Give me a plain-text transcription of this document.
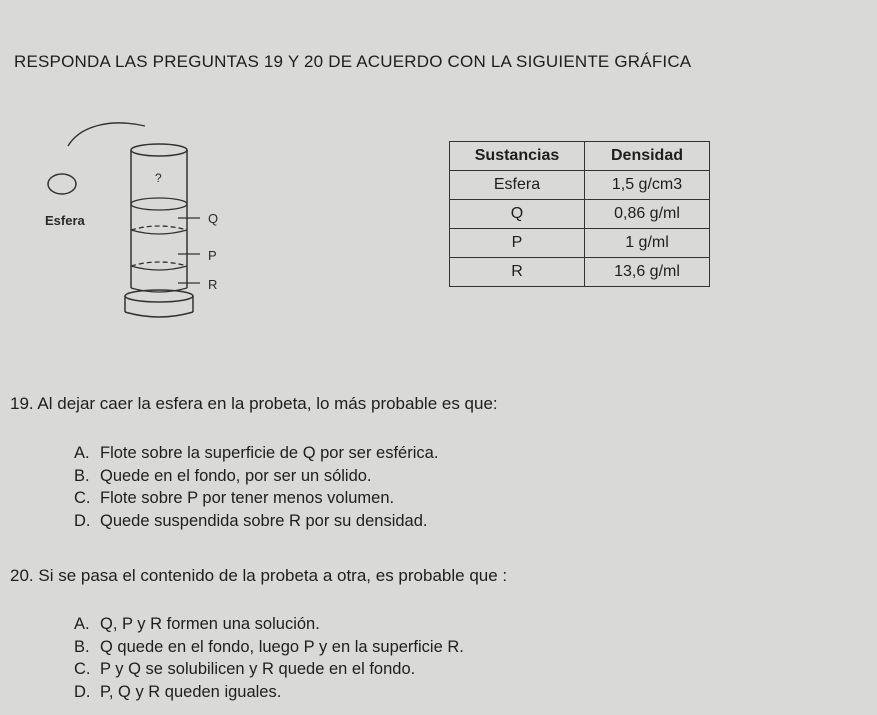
RESPONDA LAS PREGUNTAS 19 Y 20 DE ACUERDO CON LA SIGUIENTE GRÁFICA
Esfera
?
Q
P
R
Sustancias	Densidad
Esfera	1,5 g/cm3
Q	0,86 g/ml
P	1 g/ml
R	13,6 g/ml
19. Al dejar caer la esfera en la probeta, lo más probable es que:
A. Flote sobre la superficie de Q por ser esférica.
B. Quede en el fondo, por ser un sólido.
C. Flote sobre P por tener menos volumen.
D. Quede suspendida sobre R por su densidad.
20. Si se pasa el contenido de la probeta a otra, es probable que :
A. Q, P y R formen una solución.
B. Q quede en el fondo, luego P y en la superficie R.
C. P y Q se solubilicen y R quede en el fondo.
D. P, Q y R queden iguales.
